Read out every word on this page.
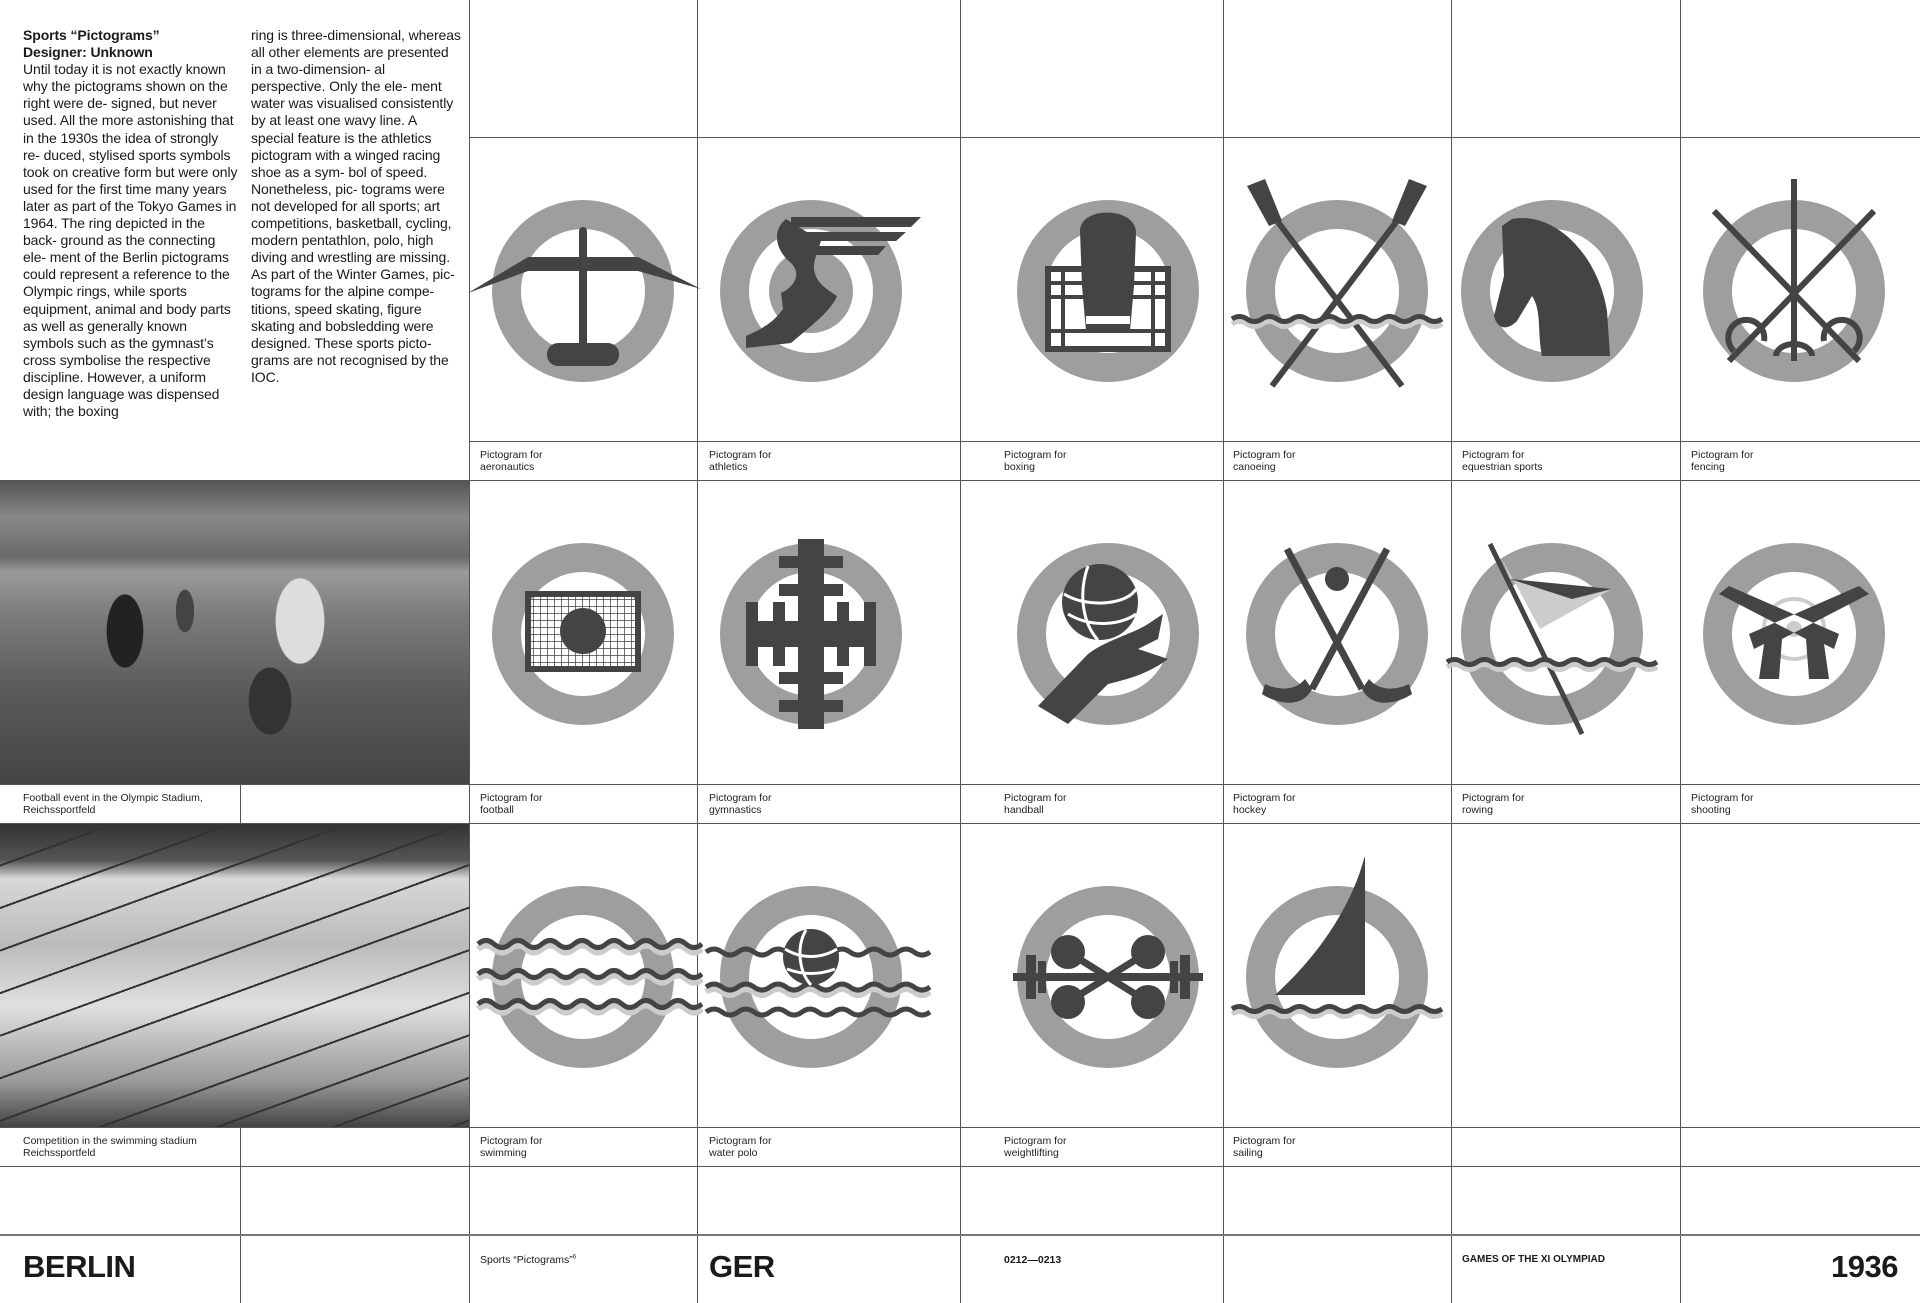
Sports “Pictograms”
Designer: Unknown
Until today it is not exactly known why the pictograms shown on the right were de- signed, but never used. All the more astonishing that in the 1930s the idea of strongly re- duced, stylised sports symbols took on creative form but were only used for the first time many years later as part of the Tokyo Games in 1964. The ring depicted in the back- ground as the connecting ele- ment of the Berlin pictograms could represent a reference to the Olympic rings, while sports equipment, animal and body parts as well as generally known symbols such as the gymnast’s cross symbolise the respective discipline. However, a uniform design language was dispensed with; the boxing
ring is three-dimensional, whereas all other elements are presented in a two-dimension- al perspective. Only the ele- ment water was visualised consistently by at least one wavy line. A special feature is the athletics pictogram with a winged racing shoe as a sym- bol of speed. Nonetheless, pic- tograms were not developed for all sports; art competitions, basketball, cycling, modern pentathlon, polo, high diving and wrestling are missing. As part of the Winter Games, pic- tograms for the alpine compe- titions, speed skating, figure skating and bobsledding were designed. These sports picto- grams are not recognised by the IOC.
Football event in the Olympic Stadium,
Reichssportfeld
Competition in the swimming stadium
Reichssportfeld
Pictogram for
aeronautics
Pictogram for
athletics
Pictogram for
boxing
Pictogram for
canoeing
Pictogram for
equestrian sports
Pictogram for
fencing
Pictogram for
football
Pictogram for
gymnastics
Pictogram for
handball
Pictogram for
hockey
Pictogram for
rowing
Pictogram for
shooting
Pictogram for
swimming
Pictogram for
water polo
Pictogram for
weightlifting
Pictogram for
sailing
BERLIN	Sports “Pictograms”$^6$	GER	0212—0213	GAMES OF THE XI OLYMPIAD	1936
